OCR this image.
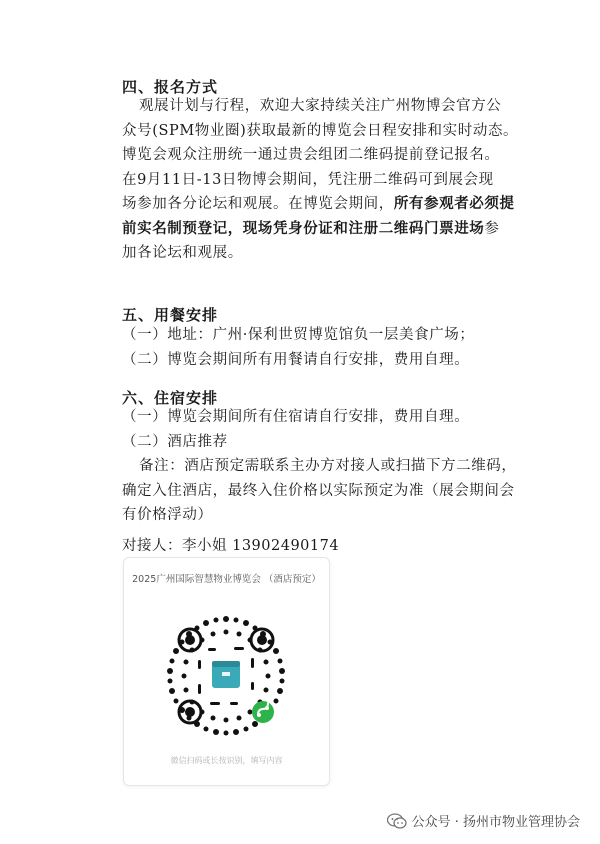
四、报名方式
观展计划与行程，欢迎大家持续关注广州物博会官方公
众号(SPM物业圈)获取最新的博览会日程安排和实时动态。
博览会观众注册统一通过贵会组团二维码提前登记报名。
在9月11日-13日物博会期间，凭注册二维码可到展会现
场参加各分论坛和观展。在博览会期间，所有参观者必须提
前实名制预登记，现场凭身份证和注册二维码门票进场参
加各论坛和观展。
五、用餐安排
（一）地址：广州·保利世贸博览馆负一层美食广场；
（二）博览会期间所有用餐请自行安排，费用自理。
六、住宿安排
（一）博览会期间所有住宿请自行安排，费用自理。
（二）酒店推荐
备注：酒店预定需联系主办方对接人或扫描下方二维码，
确定入住酒店，最终入住价格以实际预定为准（展会期间会
有价格浮动）
对接人：李小姐 13902490174
2025广州国际智慧物业博览会 （酒店预定）
微信扫码或长按识别，填写内容
公众号 · 扬州市物业管理协会
